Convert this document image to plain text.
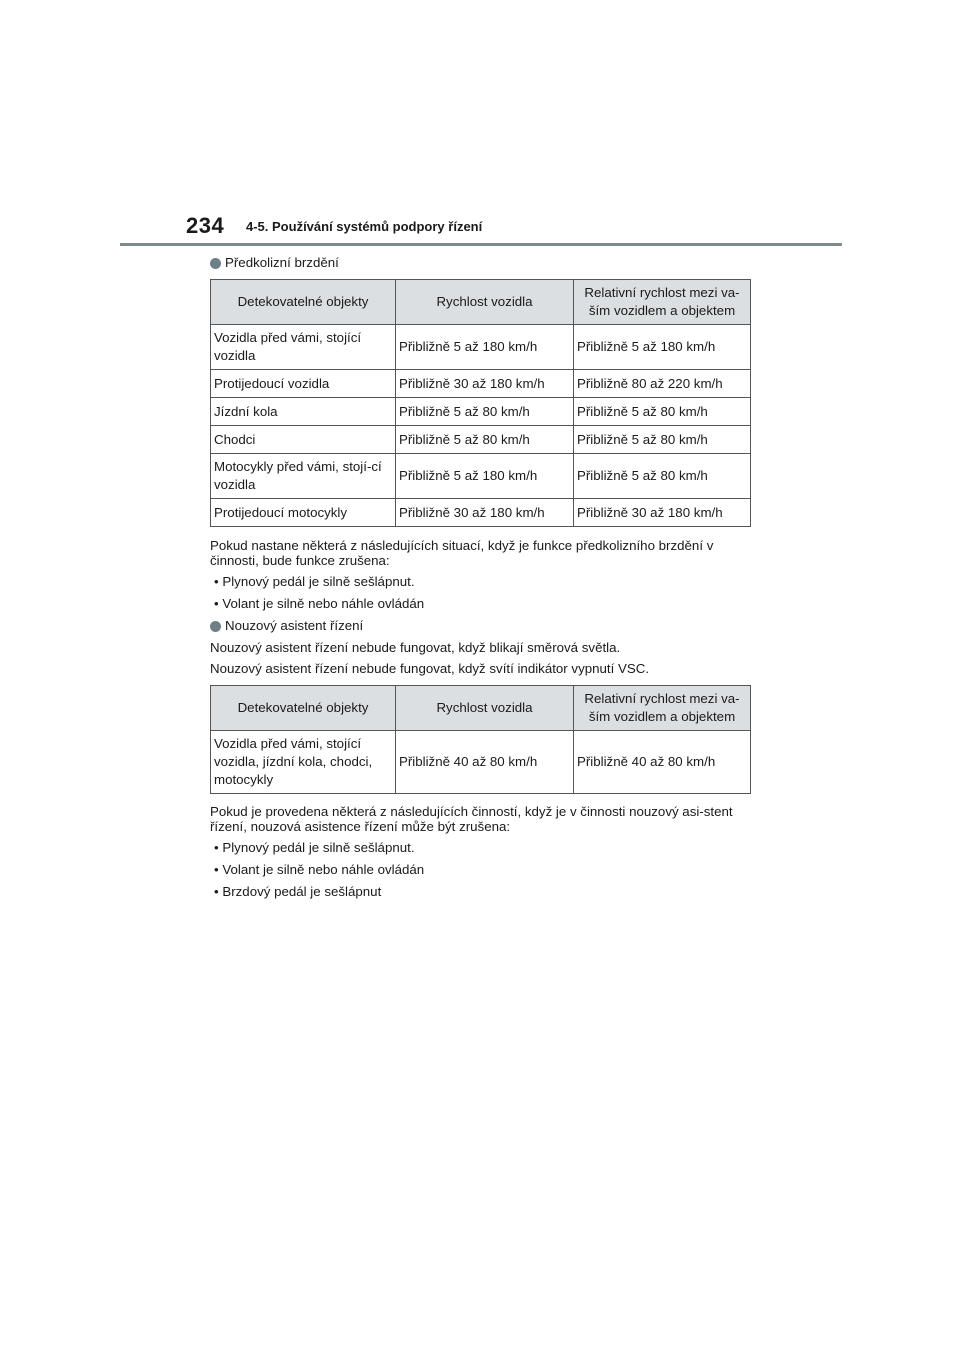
234 4-5. Používání systémů podpory řízení
Předkolizní brzdění
Detekovatelné objekty	Rychlost vozidla	Relativní rychlost mezi va-
ším vozidlem a objektem
Vozidla před vámi, stojící vozidla	Přibližně 5 až 180 km/h	Přibližně 5 až 180 km/h
Protijedoucí vozidla	Přibližně 30 až 180 km/h	Přibližně 80 až 220 km/h
Jízdní kola	Přibližně 5 až 80 km/h	Přibližně 5 až 80 km/h
Chodci	Přibližně 5 až 80 km/h	Přibližně 5 až 80 km/h
Motocykly před vámi, stojí-cí vozidla	Přibližně 5 až 180 km/h	Přibližně 5 až 80 km/h
Protijedoucí motocykly	Přibližně 30 až 180 km/h	Přibližně 30 až 180 km/h

Pokud nastane některá z následujících situací, když je funkce předkolizního brzdění v činnosti, bude funkce zrušena:

• Plynový pedál je silně sešlápnut.

• Volant je silně nebo náhle ovládán

Nouzový asistent řízení

Nouzový asistent řízení nebude fungovat, když blikají směrová světla.

Nouzový asistent řízení nebude fungovat, když svítí indikátor vypnutí VSC.

Detekovatelné objekty	Rychlost vozidla	Relativní rychlost mezi va-
ším vozidlem a objektem
Vozidla před vámi, stojící vozidla, jízdní kola, chodci, motocykly	Přibližně 40 až 80 km/h	Přibližně 40 až 80 km/h

Pokud je provedena některá z následujících činností, když je v činnosti nouzový asi-stent řízení, nouzová asistence řízení může být zrušena:

• Plynový pedál je silně sešlápnut.

• Volant je silně nebo náhle ovládán

• Brzdový pedál je sešlápnut
